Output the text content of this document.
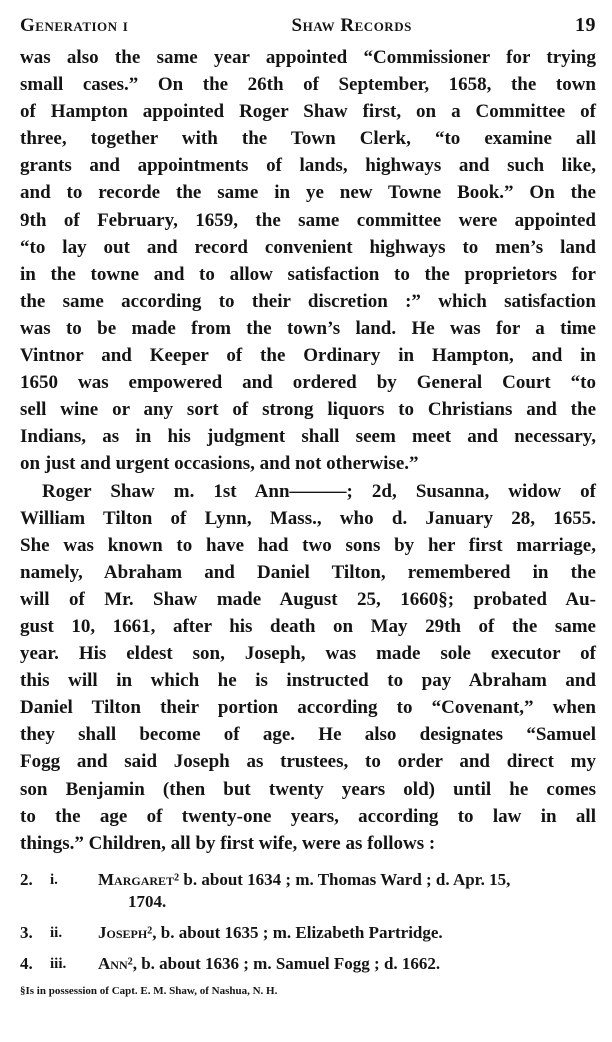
Generation i	Shaw Records	19
was also the same year appointed “Commissioner for trying
small cases.” On the 26th of September, 1658, the town
of Hampton appointed Roger Shaw first, on a Committee of
three, together with the Town Clerk, “to examine all
grants and appointments of lands, highways and such like,
and to recorde the same in ye new Towne Book.” On the
9th of February, 1659, the same committee were appointed
“to lay out and record convenient highways to men’s land
in the towne and to allow satisfaction to the proprietors for
the same according to their discretion :” which satisfaction
was to be made from the town’s land. He was for a time
Vintnor and Keeper of the Ordinary in Hampton, and in
1650 was empowered and ordered by General Court “to
sell wine or any sort of strong liquors to Christians and the
Indians, as in his judgment shall seem meet and necessary,
on just and urgent occasions, and not otherwise.”
Roger Shaw m. 1st Ann———; 2d, Susanna, widow of
William Tilton of Lynn, Mass., who d. January 28, 1655.
She was known to have had two sons by her first marriage,
namely, Abraham and Daniel Tilton, remembered in the
will of Mr. Shaw made August 25, 1660§; probated Au-
gust 10, 1661, after his death on May 29th of the same
year. His eldest son, Joseph, was made sole executor of
this will in which he is instructed to pay Abraham and
Daniel Tilton their portion according to “Covenant,” when
they shall become of age. He also designates “Samuel
Fogg and said Joseph as trustees, to order and direct my
son Benjamin (then but twenty years old) until he comes
to the age of twenty-one years, according to law in all
things.” Children, all by first wife, were as follows :
2.	i.	Margaret² b. about 1634 ; m. Thomas Ward ; d. Apr. 15,
1704.
3.	ii.	Joseph², b. about 1635 ; m. Elizabeth Partridge.
4.	iii.	Ann², b. about 1636 ; m. Samuel Fogg ; d. 1662.
§Is in possession of Capt. E. M. Shaw, of Nashua, N. H.
